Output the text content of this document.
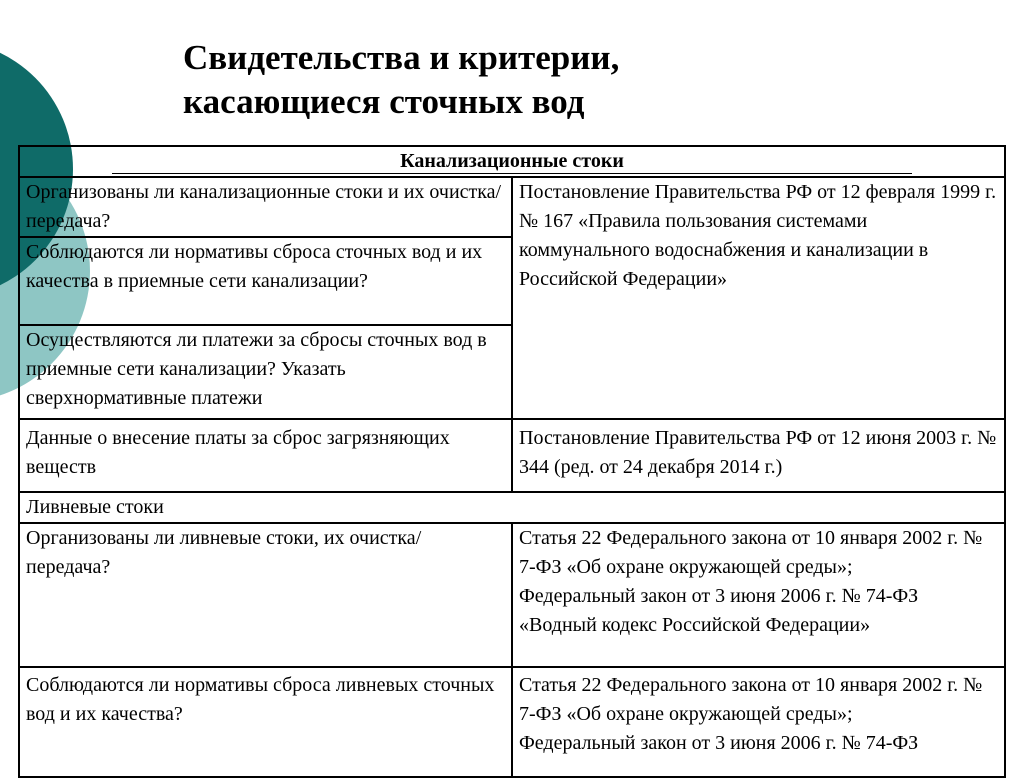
Свидетельства и критерии,
касающиеся сточных вод
Канализационные стоки	
Организованы ли канализационные стоки и их очистка/передача?	Постановление Правительства РФ от 12 февраля 1999 г. № 167 «Правила пользования системами коммунального водоснабжения и канализации в Российской Федерации»
Соблюдаются ли нормативы сброса сточных вод и их качества в приемные сети канализации?	
Осуществляются ли платежи за сбросы сточных вод в приемные сети канализации? Указать сверхнормативные платежи	
Данные о внесение платы за сброс загрязняющих веществ	Постановление Правительства РФ от 12 июня 2003 г. № 344 (ред. от 24 декабря 2014 г.)
Ливневые стоки	
Организованы ли ливневые стоки, их очистка/передача?	Статья 22 Федерального закона от 10 января 2002 г. № 7-ФЗ «Об охране окружающей среды»;
Федеральный закон от 3 июня 2006 г. № 74-ФЗ «Водный кодекс Российской Федерации»
Соблюдаются ли нормативы сброса ливневых сточных вод и их качества?	Статья 22 Федерального закона от 10 января 2002 г. № 7-ФЗ «Об охране окружающей среды»;
Федеральный закон от 3 июня 2006 г. № 74-ФЗ
